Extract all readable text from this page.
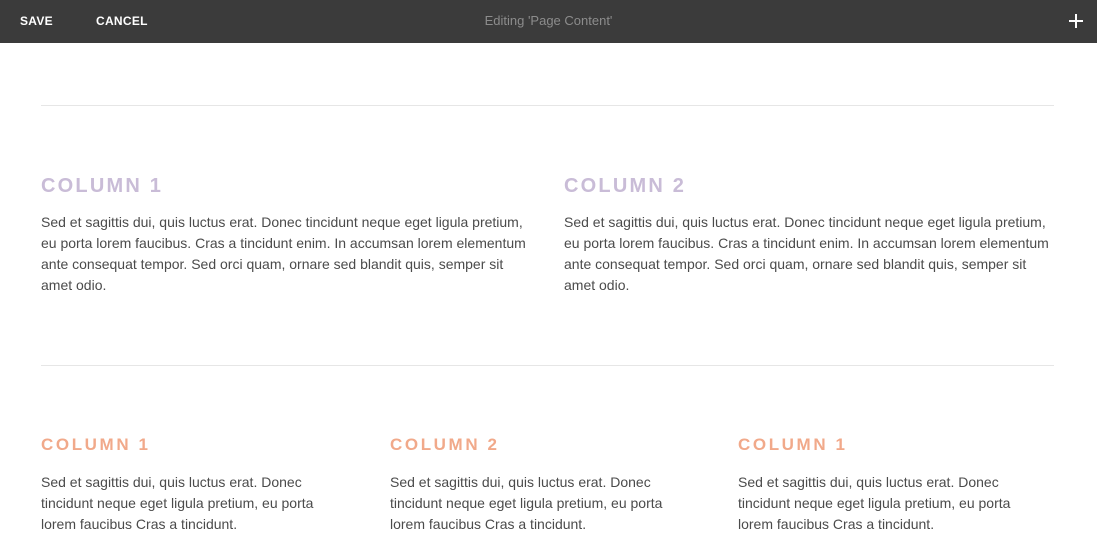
SAVE	CANCEL	Editing 'Page Content'
COLUMN 1

Sed et sagittis dui, quis luctus erat. Donec tincidunt neque eget ligula pretium, eu porta lorem faucibus. Cras a tincidunt enim. In accumsan lorem elementum ante consequat tempor. Sed orci quam, ornare sed blandit quis, semper sit amet odio.

COLUMN 2

Sed et sagittis dui, quis luctus erat. Donec tincidunt neque eget ligula pretium, eu porta lorem faucibus. Cras a tincidunt enim. In accumsan lorem elementum ante consequat tempor. Sed orci quam, ornare sed blandit quis, semper sit amet odio.

COLUMN 1

Sed et sagittis dui, quis luctus erat. Donec tincidunt neque eget ligula pretium, eu porta lorem faucibus Cras a tincidunt.

COLUMN 2

Sed et sagittis dui, quis luctus erat. Donec tincidunt neque eget ligula pretium, eu porta lorem faucibus Cras a tincidunt.

COLUMN 1

Sed et sagittis dui, quis luctus erat. Donec tincidunt neque eget ligula pretium, eu porta lorem faucibus Cras a tincidunt.
